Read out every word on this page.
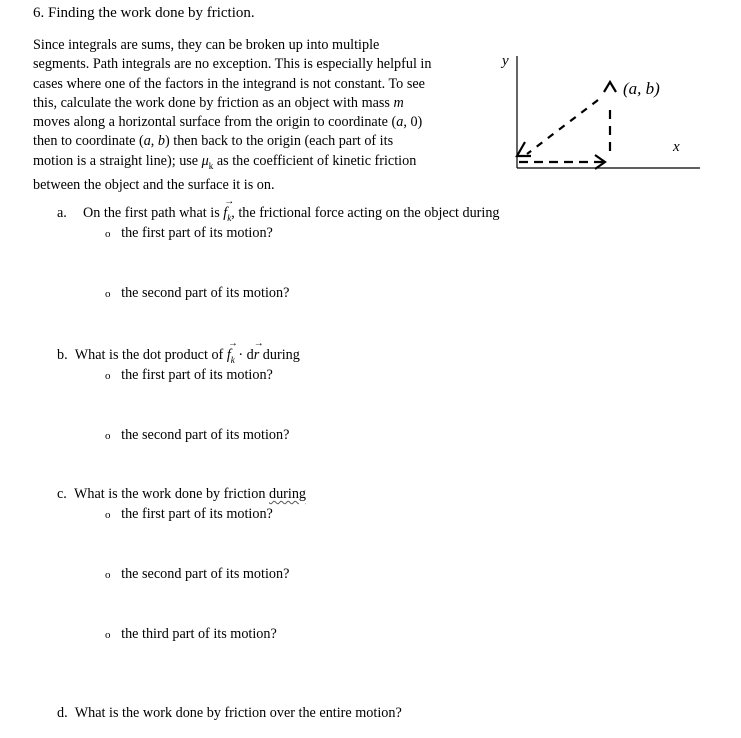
6. Finding the work done by friction.
Since integrals are sums, they can be broken up into multiple
segments. Path integrals are no exception. This is especially helpful in
cases where one of the factors in the integrand is not constant. To see
this, calculate the work done by friction as an object with mass m
moves along a horizontal surface from the origin to coordinate (a, 0)
then to coordinate (a, b) then back to the origin (each part of its
motion is a straight line); use $\mu_k$ as the coefficient of kinetic friction
between the object and the surface it is on.
y
x
(a, b)
a. On the first path what is
→
$f_k$, the frictional force acting on the object during
o the first part of its motion?
o the second part of its motion?
b. What is the dot product of
→
$f_k \cdot d$
→
r during
o the first part of its motion?
o the second part of its motion?
c. What is the work done by friction during
o the first part of its motion?
o the second part of its motion?
o the third part of its motion?
d. What is the work done by friction over the entire motion?
